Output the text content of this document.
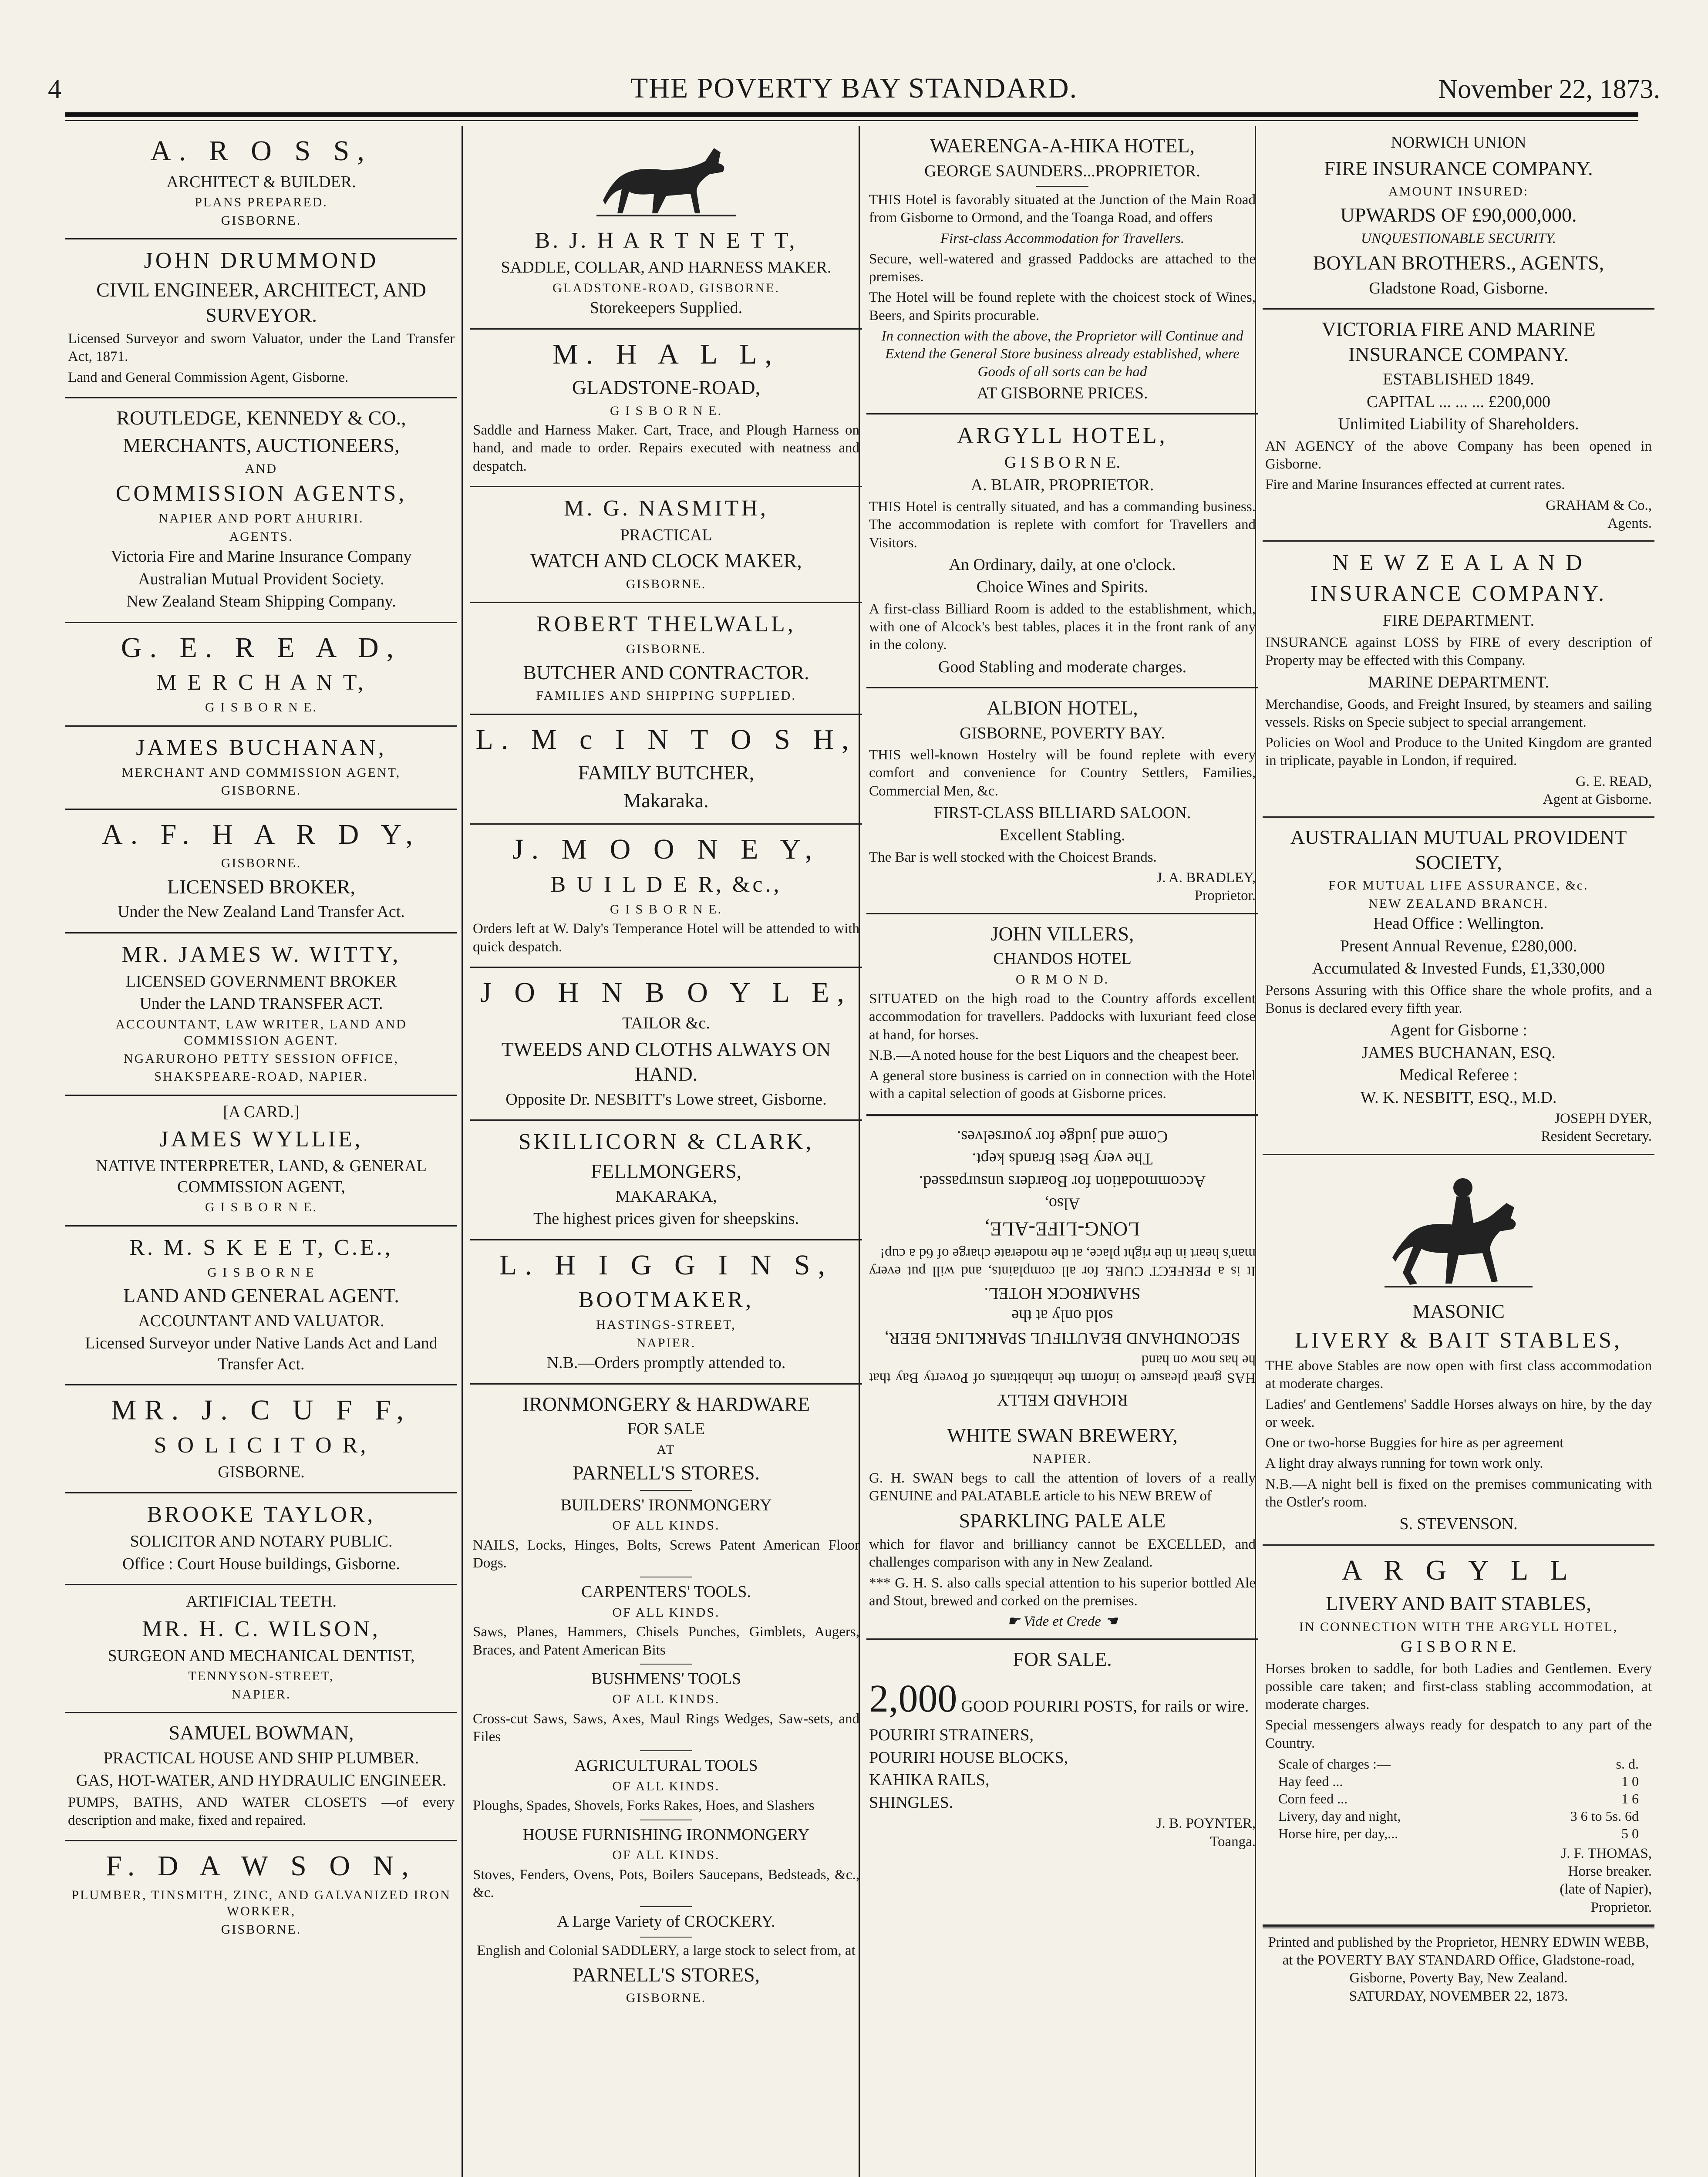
4	THE POVERTY BAY STANDARD.	November 22, 1873.
A. R O S S,
ARCHITECT & BUILDER.
PLANS PREPARED.
GISBORNE.
JOHN DRUMMOND
CIVIL ENGINEER, ARCHITECT, AND SURVEYOR.
Licensed Surveyor and sworn Valuator, under the Land Transfer Act, 1871.
Land and General Commission Agent, Gisborne.
ROUTLEDGE, KENNEDY & CO.,
MERCHANTS, AUCTIONEERS,
AND
COMMISSION AGENTS,
NAPIER AND PORT AHURIRI.
AGENTS.
Victoria Fire and Marine Insurance Company
Australian Mutual Provident Society.
New Zealand Steam Shipping Company.
G. E. R E A D,
M E R C H A N T,
G I S B O R N E.
JAMES BUCHANAN,
MERCHANT AND COMMISSION AGENT,
GISBORNE.
A. F. H A R D Y,
GISBORNE.
LICENSED BROKER,
Under the New Zealand Land Transfer Act.
MR. JAMES W. WITTY,
LICENSED GOVERNMENT BROKER
Under the LAND TRANSFER ACT.
ACCOUNTANT, LAW WRITER, LAND AND COMMISSION AGENT.
NGARUROHO PETTY SESSION OFFICE,
SHAKSPEARE-ROAD, NAPIER.
[A CARD.]
JAMES WYLLIE,
NATIVE INTERPRETER, LAND, & GENERAL COMMISSION AGENT,
G I S B O R N E.
R. M. S K E E T, C.E.,
G I S B O R N E
LAND AND GENERAL AGENT.
ACCOUNTANT AND VALUATOR.
Licensed Surveyor under Native Lands Act and Land Transfer Act.
MR. J. C U F F,
S O L I C I T O R,
GISBORNE.
BROOKE TAYLOR,
SOLICITOR AND NOTARY PUBLIC.
Office : Court House buildings, Gisborne.
ARTIFICIAL TEETH.
MR. H. C. WILSON,
SURGEON AND MECHANICAL DENTIST,
TENNYSON-STREET,
NAPIER.
SAMUEL BOWMAN,
PRACTICAL HOUSE AND SHIP PLUMBER.
GAS, HOT-WATER, AND HYDRAULIC ENGINEER.
PUMPS, BATHS, AND WATER CLOSETS —of every description and make, fixed and repaired.
F. D A W S O N,
PLUMBER, TINSMITH, ZINC, AND GALVANIZED IRON WORKER,
GISBORNE.
B. J. H A R T N E T T,
SADDLE, COLLAR, AND HARNESS MAKER.
GLADSTONE-ROAD, GISBORNE.
Storekeepers Supplied.
M. H A L L,
GLADSTONE-ROAD,
G I S B O R N E.
Saddle and Harness Maker. Cart, Trace, and Plough Harness on hand, and made to order. Repairs executed with neatness and despatch.
M. G. NASMITH,
PRACTICAL
WATCH AND CLOCK MAKER,
GISBORNE.
ROBERT THELWALL,
GISBORNE.
BUTCHER AND CONTRACTOR.
FAMILIES AND SHIPPING SUPPLIED.
L. M c I N T O S H,
FAMILY BUTCHER,
Makaraka.
J. M O O N E Y,
B U I L D E R, &c.,
G I S B O R N E.
Orders left at W. Daly's Temperance Hotel will be attended to with quick despatch.
J O H N B O Y L E,
TAILOR &c.
TWEEDS AND CLOTHS ALWAYS ON HAND.
Opposite Dr. NESBITT's Lowe street, Gisborne.
SKILLICORN & CLARK,
FELLMONGERS,
MAKARAKA,
The highest prices given for sheepskins.
L. H I G G I N S,
BOOTMAKER,
HASTINGS-STREET,
NAPIER.
N.B.—Orders promptly attended to.
IRONMONGERY & HARDWARE
FOR SALE
AT
PARNELL'S STORES.
BUILDERS' IRONMONGERY
OF ALL KINDS.
NAILS, Locks, Hinges, Bolts, Screws Patent American Floor Dogs.
CARPENTERS' TOOLS.
OF ALL KINDS.
Saws, Planes, Hammers, Chisels Punches, Gimblets, Augers, Braces, and Patent American Bits
BUSHMENS' TOOLS
OF ALL KINDS.
Cross-cut Saws, Saws, Axes, Maul Rings Wedges, Saw-sets, and Files
AGRICULTURAL TOOLS
OF ALL KINDS.
Ploughs, Spades, Shovels, Forks Rakes, Hoes, and Slashers
HOUSE FURNISHING IRONMONGERY
OF ALL KINDS.
Stoves, Fenders, Ovens, Pots, Boilers Saucepans, Bedsteads, &c., &c.
A Large Variety of CROCKERY.
English and Colonial SADDLERY, a large stock to select from, at
PARNELL'S STORES,
GISBORNE.
WAERENGA-A-HIKA HOTEL,
GEORGE SAUNDERS...PROPRIETOR.
THIS Hotel is favorably situated at the Junction of the Main Road from Gisborne to Ormond, and the Toanga Road, and offers
First-class Accommodation for Travellers.
Secure, well-watered and grassed Paddocks are attached to the premises.
The Hotel will be found replete with the choicest stock of Wines, Beers, and Spirits procurable.
In connection with the above, the Proprietor will Continue and Extend the General Store business already established, where Goods of all sorts can be had
AT GISBORNE PRICES.
ARGYLL HOTEL,
G I S B O R N E.
A. BLAIR, PROPRIETOR.
THIS Hotel is centrally situated, and has a commanding business. The accommodation is replete with comfort for Travellers and Visitors.
An Ordinary, daily, at one o'clock.
Choice Wines and Spirits.
A first-class Billiard Room is added to the establishment, which, with one of Alcock's best tables, places it in the front rank of any in the colony.
Good Stabling and moderate charges.
ALBION HOTEL,
GISBORNE, POVERTY BAY.
THIS well-known Hostelry will be found replete with every comfort and convenience for Country Settlers, Families, Commercial Men, &c.
FIRST-CLASS BILLIARD SALOON.
Excellent Stabling.
The Bar is well stocked with the Choicest Brands.
J. A. BRADLEY,
Proprietor.
JOHN VILLERS,
CHANDOS HOTEL
O R M O N D.
SITUATED on the high road to the Country affords excellent accommodation for travellers. Paddocks with luxuriant feed close at hand, for horses.
N.B.—A noted house for the best Liquors and the cheapest beer.
A general store business is carried on in connection with the Hotel with a capital selection of goods at Gisborne prices.
RICHARD KELLY
HAS great pleasure to inform the inhabitants of Poverty Bay that he has now on hand
SECONDHAND BEAUTIFUL SPARKLING BEER,
sold only at the
SHAMROCK HOTEL.
It is a PERFECT CURE for all complaints, and will put every man's heart in the right place, at the moderate charge of 6d a cup!
LONG-LIFE-ALE,
Also,
Accommodation for Boarders unsurpassed.
The very Best Brands kept.
Come and judge for yourselves.
WHITE SWAN BREWERY,
NAPIER.
G. H. SWAN begs to call the attention of lovers of a really GENUINE and PALATABLE article to his NEW BREW of
SPARKLING PALE ALE
which for flavor and brilliancy cannot be EXCELLED, and challenges comparison with any in New Zealand.
*** G. H. S. also calls special attention to his superior bottled Ale and Stout, brewed and corked on the premises.
☛ Vide et Crede ☚
FOR SALE.
2,000 GOOD POURIRI POSTS, for rails or wire.
POURIRI STRAINERS,
POURIRI HOUSE BLOCKS,
KAHIKA RAILS,
SHINGLES.
J. B. POYNTER,
Toanga.
NORWICH UNION
FIRE INSURANCE COMPANY.
AMOUNT INSURED:
UPWARDS OF £90,000,000.
UNQUESTIONABLE SECURITY.
BOYLAN BROTHERS., AGENTS,
Gladstone Road, Gisborne.
VICTORIA FIRE AND MARINE INSURANCE COMPANY.
ESTABLISHED 1849.
CAPITAL ... ... ... £200,000
Unlimited Liability of Shareholders.
AN AGENCY of the above Company has been opened in Gisborne.
Fire and Marine Insurances effected at current rates.
GRAHAM & Co.,
Agents.
N E W Z E A L A N D
INSURANCE COMPANY.
FIRE DEPARTMENT.
INSURANCE against LOSS by FIRE of every description of Property may be effected with this Company.
MARINE DEPARTMENT.
Merchandise, Goods, and Freight Insured, by steamers and sailing vessels. Risks on Specie subject to special arrangement.
Policies on Wool and Produce to the United Kingdom are granted in triplicate, payable in London, if required.
G. E. READ,
Agent at Gisborne.
AUSTRALIAN MUTUAL PROVIDENT SOCIETY,
FOR MUTUAL LIFE ASSURANCE, &c.
NEW ZEALAND BRANCH.
Head Office : Wellington.
Present Annual Revenue, £280,000.
Accumulated & Invested Funds, £1,330,000
Persons Assuring with this Office share the whole profits, and a Bonus is declared every fifth year.
Agent for Gisborne :
JAMES BUCHANAN, ESQ.
Medical Referee :
W. K. NESBITT, ESQ., M.D.
JOSEPH DYER,
Resident Secretary.
MASONIC
LIVERY & BAIT STABLES,
THE above Stables are now open with first class accommodation at moderate charges.
Ladies' and Gentlemens' Saddle Horses always on hire, by the day or week.
One or two-horse Buggies for hire as per agreement
A light dray always running for town work only.
N.B.—A night bell is fixed on the premises communicating with the Ostler's room.
S. STEVENSON.
A R G Y L L
LIVERY AND BAIT STABLES,
IN CONNECTION WITH THE ARGYLL HOTEL,
G I S B O R N E.
Horses broken to saddle, for both Ladies and Gentlemen. Every possible care taken; and first-class stabling accommodation, at moderate charges.
Special messengers always ready for despatch to any part of the Country.
Scale of charges :—	s. d.
Hay feed ...	1 0
Corn feed ...	1 6
Livery, day and night,	3 6 to 5s. 6d
Horse hire, per day,...	5 0
J. F. THOMAS,
Horse breaker.
(late of Napier),
Proprietor.
Printed and published by the Proprietor, HENRY EDWIN WEBB, at the POVERTY BAY STANDARD Office, Gladstone-road, Gisborne, Poverty Bay, New Zealand.
SATURDAY, NOVEMBER 22, 1873.
